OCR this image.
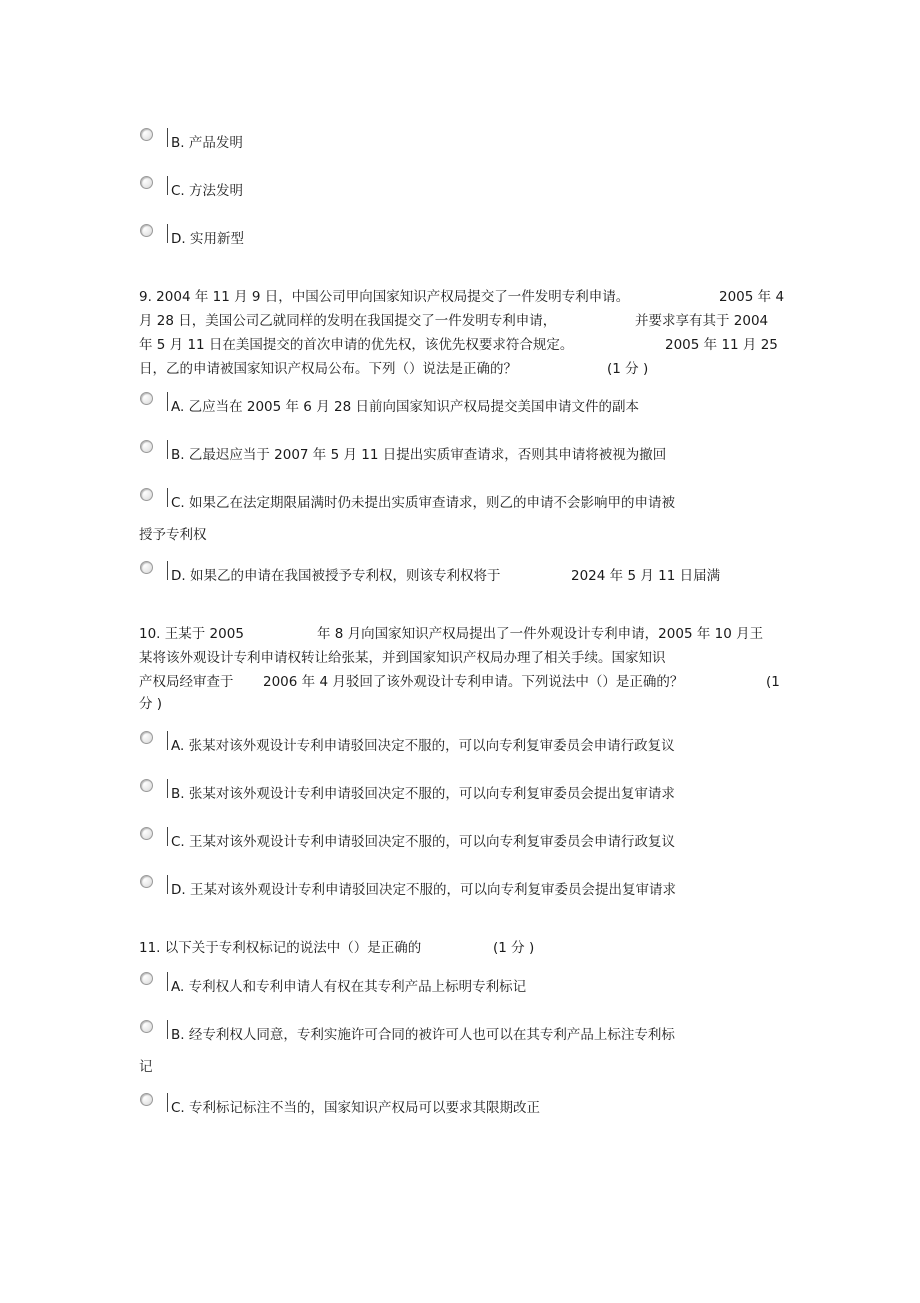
B. 产品发明
C. 方法发明
D. 实用新型
9. 2004 年 11 月 9 日，中国公司甲向国家知识产权局提交了一件发明专利申请。	2005 年 4
月 28 日，美国公司乙就同样的发明在我国提交了一件发明专利申请，	并要求享有其于 2004
年 5 月 11 日在美国提交的首次申请的优先权，该优先权要求符合规定。	2005 年 11 月 25
日，乙的申请被国家知识产权局公布。下列（）说法是正确的？	(1 分 )
A. 乙应当在 2005 年 6 月 28 日前向国家知识产权局提交美国申请文件的副本
B. 乙最迟应当于 2007 年 5 月 11 日提出实质审查请求，否则其申请将被视为撤回
C. 如果乙在法定期限届满时仍未提出实质审查请求，则乙的申请不会影响甲的申请被
授予专利权
D. 如果乙的申请在我国被授予专利权，则该专利权将于	2024 年 5 月 11 日届满
10. 王某于 2005	年 8 月向国家知识产权局提出了一件外观设计专利申请，2005 年 10 月王
某将该外观设计专利申请权转让给张某，并到国家知识产权局办理了相关手续。国家知识
产权局经审查于 2006 年 4 月驳回了该外观设计专利申请。下列说法中（）是正确的？	(1
分 )
A. 张某对该外观设计专利申请驳回决定不服的，可以向专利复审委员会申请行政复议
B. 张某对该外观设计专利申请驳回决定不服的，可以向专利复审委员会提出复审请求
C. 王某对该外观设计专利申请驳回决定不服的，可以向专利复审委员会申请行政复议
D. 王某对该外观设计专利申请驳回决定不服的，可以向专利复审委员会提出复审请求
11. 以下关于专利权标记的说法中（）是正确的	(1 分 )
A. 专利权人和专利申请人有权在其专利产品上标明专利标记
B. 经专利权人同意，专利实施许可合同的被许可人也可以在其专利产品上标注专利标
记
C. 专利标记标注不当的，国家知识产权局可以要求其限期改正
